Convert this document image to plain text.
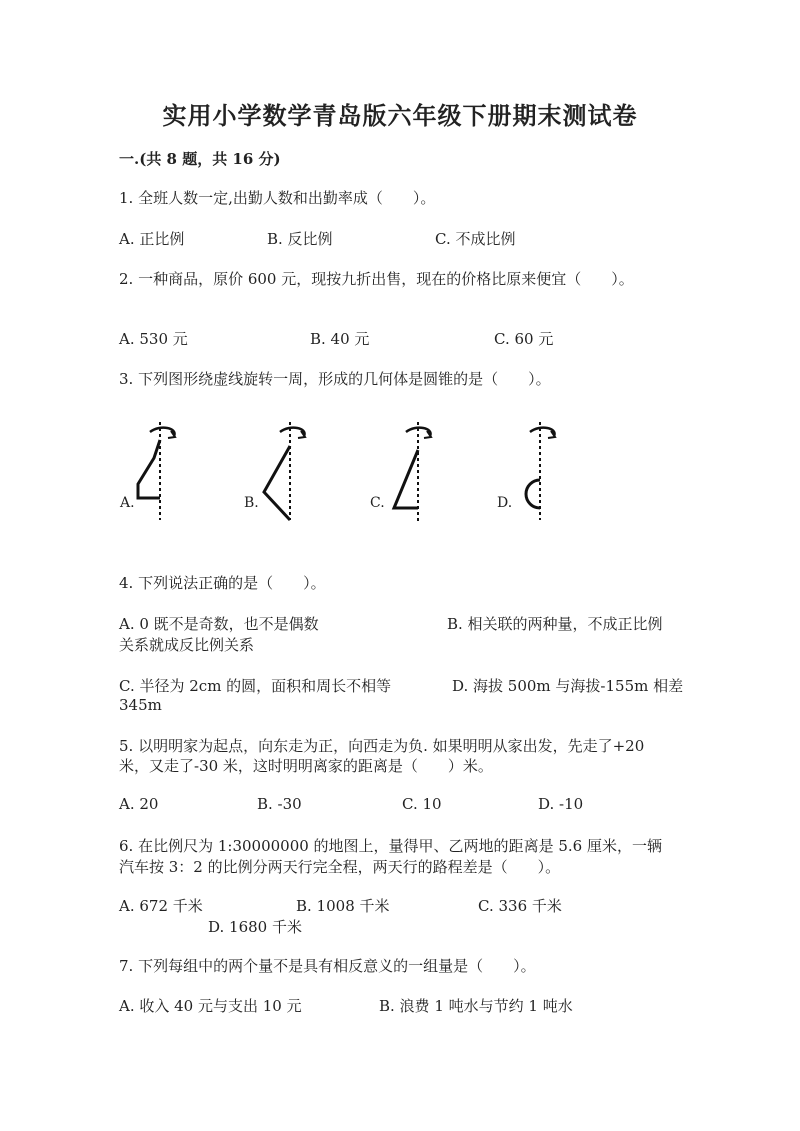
实用小学数学青岛版六年级下册期末测试卷
一.(共 8 题，共 16 分)
1. 全班人数一定,出勤人数和出勤率成（　　）。
A. 正比例	B. 反比例	C. 不成比例
2. 一种商品，原价 600 元，现按九折出售，现在的价格比原来便宜（　　）。
A. 530 元	B. 40 元	C. 60 元
3. 下列图形绕虚线旋转一周，形成的几何体是圆锥的是（　　）。
A.	B.	C.	D.
4. 下列说法正确的是（　　）。
A. 0 既不是奇数，也不是偶数	B. 相关联的两种量，不成正比例
关系就成反比例关系
C. 半径为 2cm 的圆，面积和周长不相等	D. 海拔 500m 与海拔-155m 相差
345m
5. 以明明家为起点，向东走为正，向西走为负. 如果明明从家出发，先走了+20
米，又走了-30 米，这时明明离家的距离是（　　）米。
A. 20	B. -30	C. 10	D. -10
6. 在比例尺为 1:30000000 的地图上，量得甲、乙两地的距离是 5.6 厘米，一辆
汽车按 3：2 的比例分两天行完全程，两天行的路程差是（　　）。
A. 672 千米	B. 1008 千米	C. 336 千米
D. 1680 千米
7. 下列每组中的两个量不是具有相反意义的一组量是（　　）。
A. 收入 40 元与支出 10 元	B. 浪费 1 吨水与节约 1 吨水
